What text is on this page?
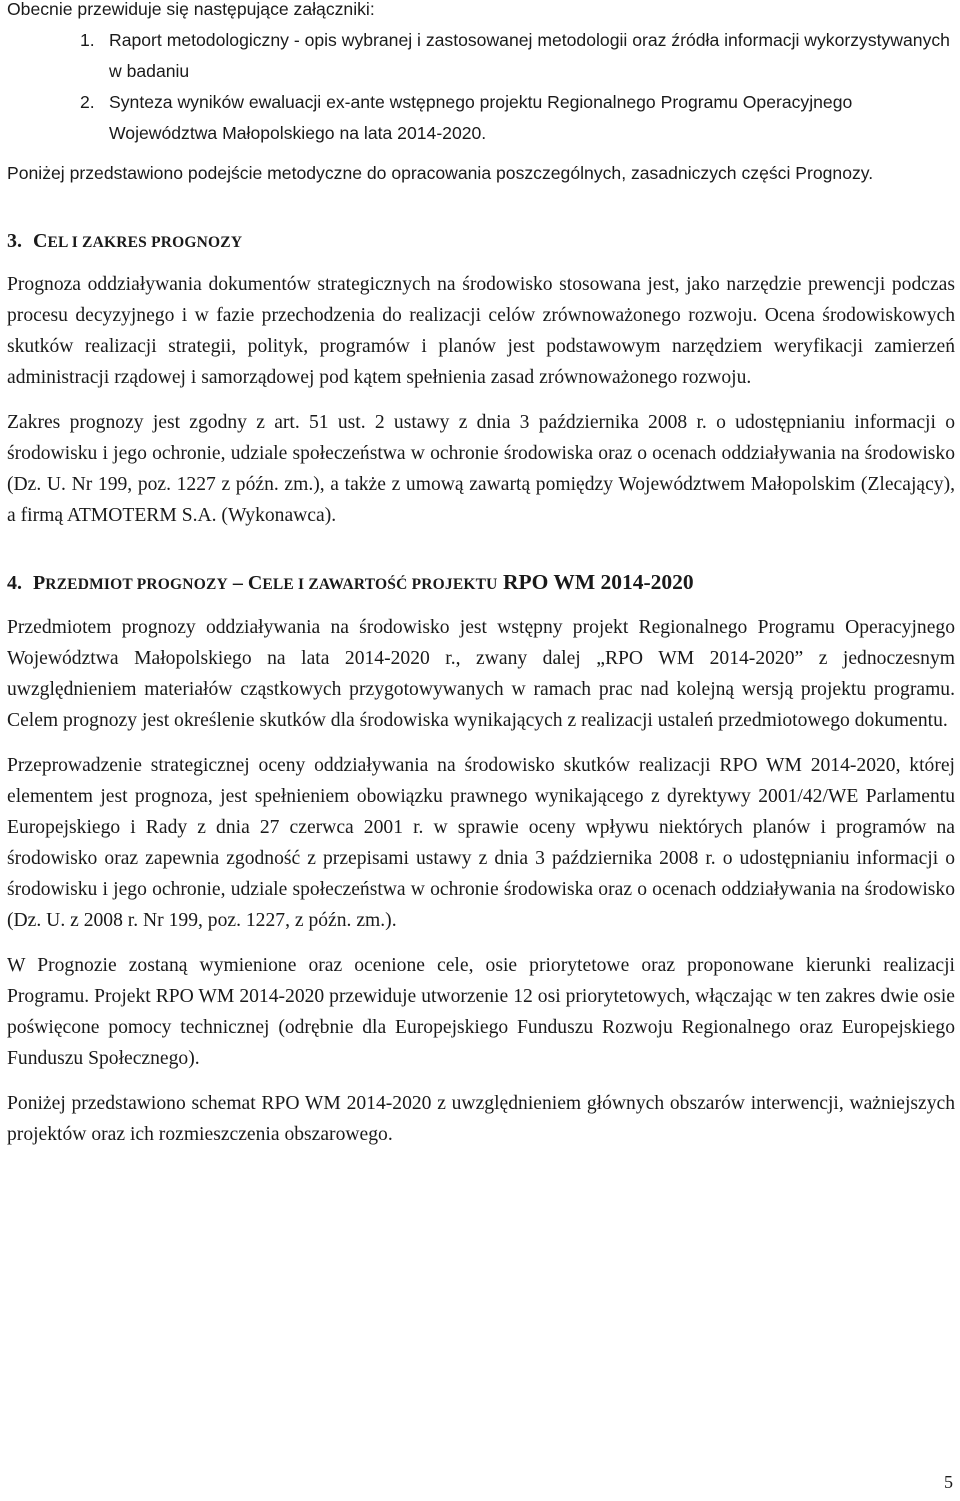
Obecnie przewiduje się następujące załączniki:
1. Raport metodologiczny - opis wybranej i zastosowanej metodologii oraz źródła informacji wykorzystywanych w badaniu
2. Synteza wyników ewaluacji ex-ante wstępnego projektu Regionalnego Programu Operacyjnego Województwa Małopolskiego na lata 2014-2020.
Poniżej przedstawiono podejście metodyczne do opracowania poszczególnych, zasadniczych części Prognozy.
3. CEL I ZAKRES PROGNOZY
Prognoza oddziaływania dokumentów strategicznych na środowisko stosowana jest, jako narzędzie prewencji podczas procesu decyzyjnego i w fazie przechodzenia do realizacji celów zrównoważonego rozwoju. Ocena środowiskowych skutków realizacji strategii, polityk, programów i planów jest podstawowym narzędziem weryfikacji zamierzeń administracji rządowej i samorządowej pod kątem spełnienia zasad zrównoważonego rozwoju.
Zakres prognozy jest zgodny z art. 51 ust. 2 ustawy z dnia 3 października 2008 r. o udostępnianiu informacji o środowisku i jego ochronie, udziale społeczeństwa w ochronie środowiska oraz o ocenach oddziaływania na środowisko (Dz. U. Nr 199, poz. 1227 z późn. zm.), a także z umową zawartą pomiędzy Województwem Małopolskim (Zlecający), a firmą ATMOTERM S.A. (Wykonawca).
4. PRZEDMIOT PROGNOZY – CELE I ZAWARTOŚĆ PROJEKTU RPO WM 2014-2020
Przedmiotem prognozy oddziaływania na środowisko jest wstępny projekt Regionalnego Programu Operacyjnego Województwa Małopolskiego na lata 2014-2020 r., zwany dalej „RPO WM 2014-2020” z jednoczesnym uwzględnieniem materiałów cząstkowych przygotowywanych w ramach prac nad kolejną wersją projektu programu. Celem prognozy jest określenie skutków dla środowiska wynikających z realizacji ustaleń przedmiotowego dokumentu.
Przeprowadzenie strategicznej oceny oddziaływania na środowisko skutków realizacji RPO WM 2014-2020, której elementem jest prognoza, jest spełnieniem obowiązku prawnego wynikającego z dyrektywy 2001/42/WE Parlamentu Europejskiego i Rady z dnia 27 czerwca 2001 r. w sprawie oceny wpływu niektórych planów i programów na środowisko oraz zapewnia zgodność z przepisami ustawy z dnia 3 października 2008 r. o udostępnianiu informacji o środowisku i jego ochronie, udziale społeczeństwa w ochronie środowiska oraz o ocenach oddziaływania na środowisko (Dz. U. z 2008 r. Nr 199, poz. 1227, z późn. zm.).
W Prognozie zostaną wymienione oraz ocenione cele, osie priorytetowe oraz proponowane kierunki realizacji Programu. Projekt RPO WM 2014-2020 przewiduje utworzenie 12 osi priorytetowych, włączając w ten zakres dwie osie poświęcone pomocy technicznej (odrębnie dla Europejskiego Funduszu Rozwoju Regionalnego oraz Europejskiego Funduszu Społecznego).
Poniżej przedstawiono schemat RPO WM 2014-2020 z uwzględnieniem głównych obszarów interwencji, ważniejszych projektów oraz ich rozmieszczenia obszarowego.
5
